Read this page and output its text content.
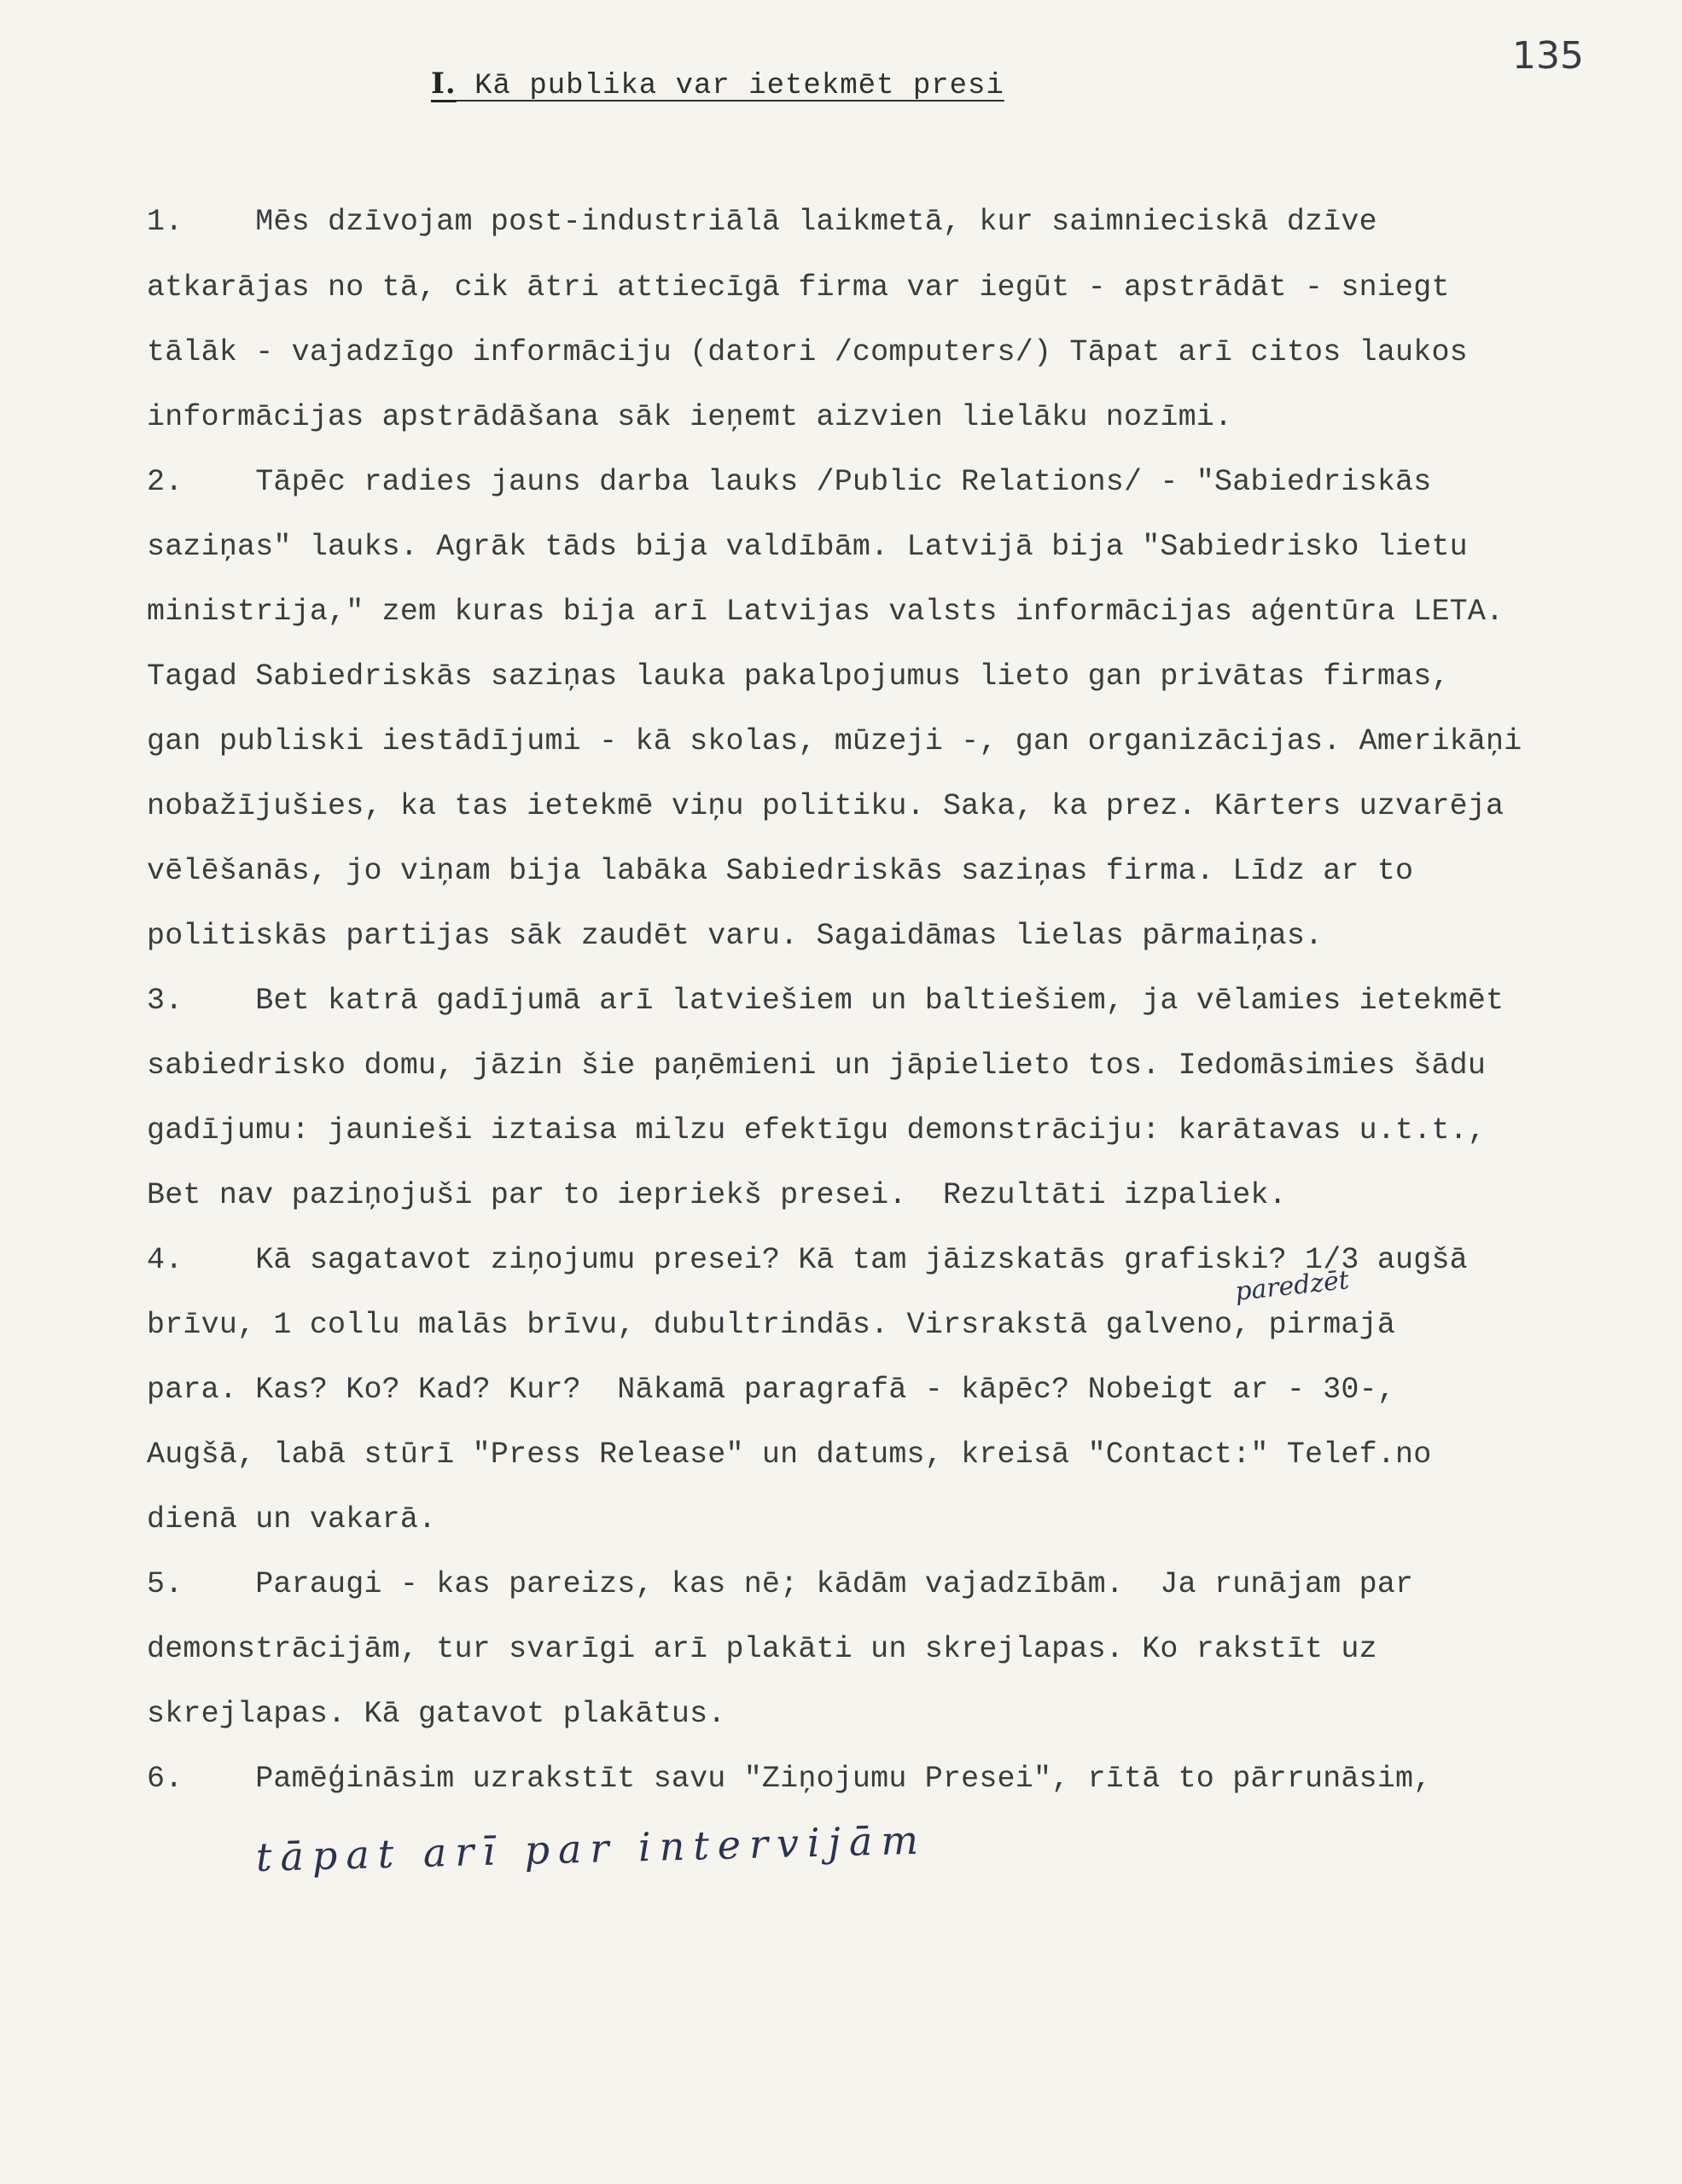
135
I. Kā publika var ietekmēt presi
1.    Mēs dzīvojam post-industriālā laikmetā, kur saimnieciskā dzīve
atkarājas no tā, cik ātri attiecīgā firma var iegūt - apstrādāt - sniegt
tālāk - vajadzīgo informāciju (datori /computers/) Tāpat arī citos laukos
informācijas apstrādāšana sāk ieņemt aizvien lielāku nozīmi.
2.    Tāpēc radies jauns darba lauks /Public Relations/ - "Sabiedriskās
saziņas" lauks. Agrāk tāds bija valdībām. Latvijā bija "Sabiedrisko lietu
ministrija," zem kuras bija arī Latvijas valsts informācijas aģentūra LETA.
Tagad Sabiedriskās saziņas lauka pakalpojumus lieto gan privātas firmas,
gan publiski iestādījumi - kā skolas, mūzeji -, gan organizācijas. Amerikāņi
nobažījušies, ka tas ietekmē viņu politiku. Saka, ka prez. Kārters uzvarēja
vēlēšanās, jo viņam bija labāka Sabiedriskās saziņas firma. Līdz ar to
politiskās partijas sāk zaudēt varu. Sagaidāmas lielas pārmaiņas.
3.    Bet katrā gadījumā arī latviešiem un baltiešiem, ja vēlamies ietekmēt
sabiedrisko domu, jāzin šie paņēmieni un jāpielieto tos. Iedomāsimies šādu
gadījumu: jaunieši iztaisa milzu efektīgu demonstrāciju: karātavas u.t.t.,
Bet nav paziņojuši par to iepriekš presei.  Rezultāti izpaliek.
4.    Kā sagatavot ziņojumu presei? Kā tam jāizskatās grafiski? 1/3 augšā
brīvu, 1 collu malās brīvu, dubultrindās. Virsrakstā galveno, pirmajā
para. Kas? Ko? Kad? Kur?  Nākamā paragrafā - kāpēc? Nobeigt ar - 30-,
Augšā, labā stūrī "Press Release" un datums, kreisā "Contact:" Telef.no
dienā un vakarā.
5.    Paraugi - kas pareizs, kas nē; kādām vajadzībām.  Ja runājam par
demonstrācijām, tur svarīgi arī plakāti un skrejlapas. Ko rakstīt uz
skrejlapas. Kā gatavot plakātus.
6.    Pamēģināsim uzrakstīt savu "Ziņojumu Presei", rītā to pārrunāsim,
paredzēt
tāpat arī par intervijām
